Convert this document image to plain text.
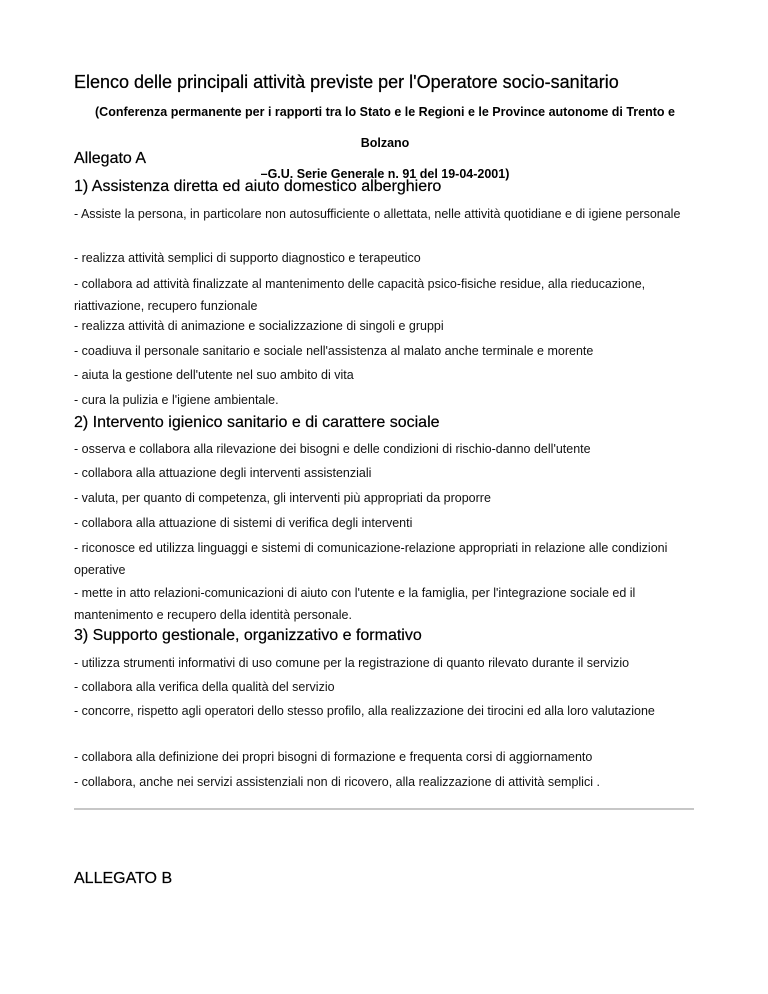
Elenco delle principali attività previste per l'Operatore socio-sanitario
(Conferenza permanente per i rapporti tra lo Stato e le Regioni e le Province autonome di Trento e Bolzano
–G.U. Serie Generale n. 91 del 19-04-2001)
Allegato A
1) Assistenza diretta ed aiuto domestico alberghiero
- Assiste la persona, in particolare non autosufficiente o allettata, nelle attività quotidiane e di igiene personale
- realizza attività semplici di supporto diagnostico e terapeutico
- collabora ad attività finalizzate al mantenimento delle capacità psico-fisiche residue, alla rieducazione, riattivazione, recupero funzionale
- realizza attività di animazione e socializzazione di singoli e gruppi
- coadiuva il personale sanitario e sociale nell'assistenza al malato anche terminale e morente
- aiuta la gestione dell'utente nel suo ambito di vita
- cura la pulizia e l'igiene ambientale.
2) Intervento igienico sanitario e di carattere sociale
- osserva e collabora alla rilevazione dei bisogni e delle condizioni di rischio-danno dell'utente
- collabora alla attuazione degli interventi assistenziali
- valuta, per quanto di competenza, gli interventi più appropriati da proporre
- collabora alla attuazione di sistemi di verifica degli interventi
- riconosce ed utilizza linguaggi e sistemi di comunicazione-relazione appropriati in relazione alle condizioni operative
- mette in atto relazioni-comunicazioni di aiuto con l'utente e la famiglia, per l'integrazione sociale ed il mantenimento e recupero della identità personale.
3) Supporto gestionale, organizzativo e formativo
- utilizza strumenti informativi di uso comune per la registrazione di quanto rilevato durante il servizio
- collabora alla verifica della qualità del servizio
- concorre, rispetto agli operatori dello stesso profilo, alla realizzazione dei tirocini ed alla loro valutazione
- collabora alla definizione dei propri bisogni di formazione e frequenta corsi di aggiornamento
- collabora, anche nei servizi assistenziali non di ricovero, alla realizzazione di attività semplici .
ALLEGATO B
